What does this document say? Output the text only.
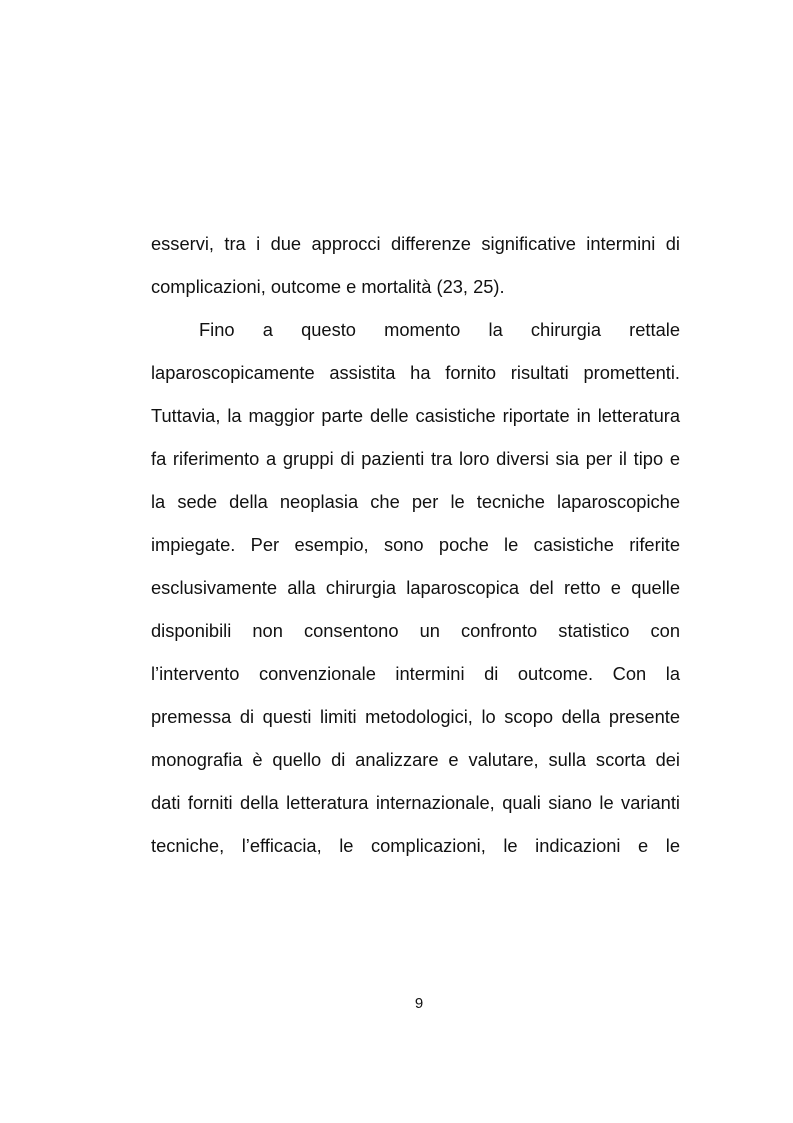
esservi, tra i due approcci differenze significative intermini di
complicazioni, outcome e mortalità (23, 25).
Fino a questo momento la chirurgia rettale
laparoscopicamente assistita ha fornito risultati promettenti.
Tuttavia, la maggior parte delle casistiche riportate in letteratura
fa riferimento a gruppi di pazienti tra loro diversi sia per il tipo e
la sede della neoplasia che per le tecniche laparoscopiche
impiegate. Per esempio, sono poche le casistiche riferite
esclusivamente alla chirurgia laparoscopica del retto e quelle
disponibili non consentono un confronto statistico con
l’intervento convenzionale intermini di outcome. Con la
premessa di questi limiti metodologici, lo scopo della presente
monografia è quello di analizzare e valutare, sulla scorta dei
dati forniti della letteratura internazionale, quali siano le varianti
tecniche, l’efficacia, le complicazioni, le indicazioni e le
9
